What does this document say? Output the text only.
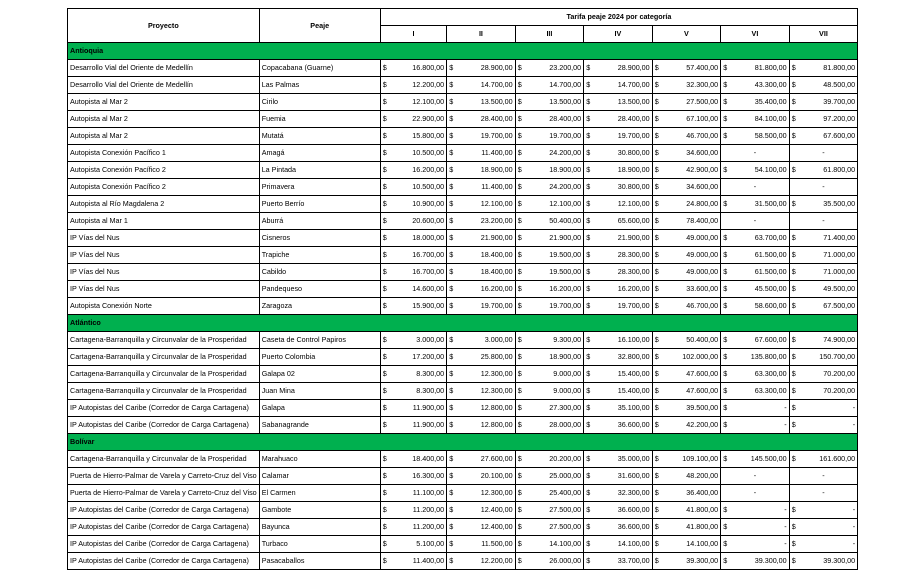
Proyecto	Peaje	Tarifa peaje 2024 por categoría													
		I		II		III		IV		V		VI		VII	
Antioquia															
Desarrollo Vial del Oriente de Medellín	Copacabana (Guarne)	$	16.800,00	$	28.900,00	$	23.200,00	$	28.900,00	$	57.400,00	$	81.800,00	$	81.800,00
Desarrollo Vial del Oriente de Medellín	Las Palmas	$	12.200,00	$	14.700,00	$	14.700,00	$	14.700,00	$	32.300,00	$	43.300,00	$	48.500,00
Autopista al Mar 2	Cirilo	$	12.100,00	$	13.500,00	$	13.500,00	$	13.500,00	$	27.500,00	$	35.400,00	$	39.700,00
Autopista al Mar 2	Fuemia	$	22.900,00	$	28.400,00	$	28.400,00	$	28.400,00	$	67.100,00	$	84.100,00	$	97.200,00
Autopista al Mar 2	Mutatá	$	15.800,00	$	19.700,00	$	19.700,00	$	19.700,00	$	46.700,00	$	58.500,00	$	67.600,00
Autopista Conexión Pacífico 1	Amagá	$	10.500,00	$	11.400,00	$	24.200,00	$	30.800,00	$	34.600,00	-		-	
Autopista Conexión Pacífico 2	La Pintada	$	16.200,00	$	18.900,00	$	18.900,00	$	18.900,00	$	42.900,00	$	54.100,00	$	61.800,00
Autopista Conexión Pacífico 2	Primavera	$	10.500,00	$	11.400,00	$	24.200,00	$	30.800,00	$	34.600,00	-		-	
Autopista al Río Magdalena 2	Puerto Berrío	$	10.900,00	$	12.100,00	$	12.100,00	$	12.100,00	$	24.800,00	$	31.500,00	$	35.500,00
Autopista al Mar 1	Aburrá	$	20.600,00	$	23.200,00	$	50.400,00	$	65.600,00	$	78.400,00	-		-	
IP Vías del Nus	Cisneros	$	18.000,00	$	21.900,00	$	21.900,00	$	21.900,00	$	49.000,00	$	63.700,00	$	71.400,00
IP Vías del Nus	Trapiche	$	16.700,00	$	18.400,00	$	19.500,00	$	28.300,00	$	49.000,00	$	61.500,00	$	71.000,00
IP Vías del Nus	Cabildo	$	16.700,00	$	18.400,00	$	19.500,00	$	28.300,00	$	49.000,00	$	61.500,00	$	71.000,00
IP Vías del Nus	Pandequeso	$	14.600,00	$	16.200,00	$	16.200,00	$	16.200,00	$	33.600,00	$	45.500,00	$	49.500,00
Autopista Conexión Norte	Zaragoza	$	15.900,00	$	19.700,00	$	19.700,00	$	19.700,00	$	46.700,00	$	58.600,00	$	67.500,00
Atlántico															
Cartagena-Barranquilla y Circunvalar de la Prosperidad	Caseta de Control Papiros	$	3.000,00	$	3.000,00	$	9.300,00	$	16.100,00	$	50.400,00	$	67.600,00	$	74.900,00
Cartagena-Barranquilla y Circunvalar de la Prosperidad	Puerto Colombia	$	17.200,00	$	25.800,00	$	18.900,00	$	32.800,00	$	102.000,00	$	135.800,00	$	150.700,00
Cartagena-Barranquilla y Circunvalar de la Prosperidad	Galapa 02	$	8.300,00	$	12.300,00	$	9.000,00	$	15.400,00	$	47.600,00	$	63.300,00	$	70.200,00
Cartagena-Barranquilla y Circunvalar de la Prosperidad	Juan Mina	$	8.300,00	$	12.300,00	$	9.000,00	$	15.400,00	$	47.600,00	$	63.300,00	$	70.200,00
IP Autopistas del Caribe (Corredor de Carga Cartagena)	Galapa	$	11.900,00	$	12.800,00	$	27.300,00	$	35.100,00	$	39.500,00	$	-	$	-
IP Autopistas del Caribe (Corredor de Carga Cartagena)	Sabanagrande	$	11.900,00	$	12.800,00	$	28.000,00	$	36.600,00	$	42.200,00	$	-	$	-
Bolívar															
Cartagena-Barranquilla y Circunvalar de la Prosperidad	Marahuaco	$	18.400,00	$	27.600,00	$	20.200,00	$	35.000,00	$	109.100,00	$	145.500,00	$	161.600,00
Puerta de Hierro-Palmar de Varela y Carreto-Cruz del Viso	Calamar	$	16.300,00	$	20.100,00	$	25.000,00	$	31.600,00	$	48.200,00	-		-	
Puerta de Hierro-Palmar de Varela y Carreto-Cruz del Viso	El Carmen	$	11.100,00	$	12.300,00	$	25.400,00	$	32.300,00	$	36.400,00	-		-	
IP Autopistas del Caribe (Corredor de Carga Cartagena)	Gambote	$	11.200,00	$	12.400,00	$	27.500,00	$	36.600,00	$	41.800,00	$	-	$	-
IP Autopistas del Caribe (Corredor de Carga Cartagena)	Bayunca	$	11.200,00	$	12.400,00	$	27.500,00	$	36.600,00	$	41.800,00	$	-	$	-
IP Autopistas del Caribe (Corredor de Carga Cartagena)	Turbaco	$	5.100,00	$	11.500,00	$	14.100,00	$	14.100,00	$	14.100,00	$	-	$	-
IP Autopistas del Caribe (Corredor de Carga Cartagena)	Pasacaballos	$	11.400,00	$	12.200,00	$	26.000,00	$	33.700,00	$	39.300,00	$	39.300,00	$	39.300,00
